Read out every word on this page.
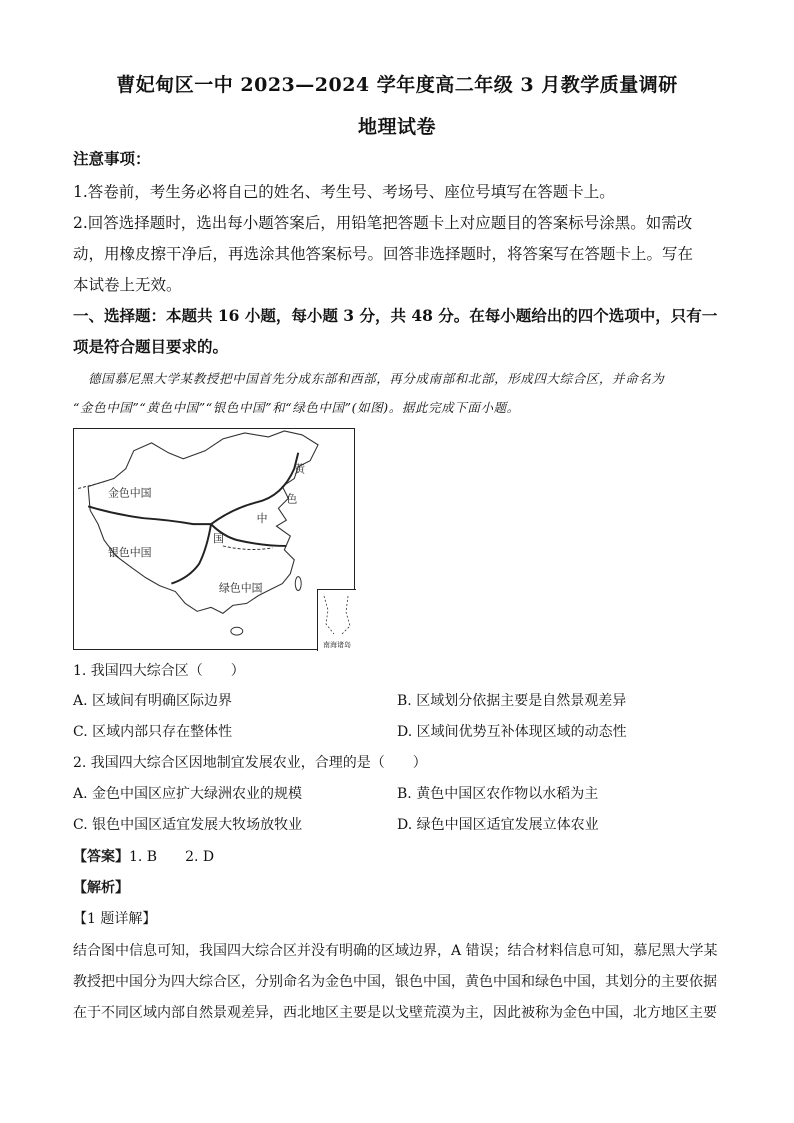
曹妃甸区一中 2023—2024 学年度高二年级 3 月教学质量调研
地理试卷
注意事项：
1.答卷前，考生务必将自己的姓名、考生号、考场号、座位号填写在答题卡上。
2.回答选择题时，选出每小题答案后，用铅笔把答题卡上对应题目的答案标号涂黑。如需改
动，用橡皮擦干净后，再选涂其他答案标号。回答非选择题时，将答案写在答题卡上。写在
本试卷上无效。
一、选择题：本题共 16 小题，每小题 3 分，共 48 分。在每小题给出的四个选项中，只有一
项是符合题目要求的。
德国慕尼黑大学某教授把中国首先分成东部和西部，再分成南部和北部，形成四大综合区，并命名为
“金色中国”“黄色中国”“银色中国”和“绿色中国”(如图)。据此完成下面小题。
金色中国
银色中国
绿色中国
黄
色
中
国
南海诸岛
1. 我国四大综合区（　　）
A. 区域间有明确区际边界	B. 区域划分依据主要是自然景观差异
C. 区域内部只存在整体性	D. 区域间优势互补体现区域的动态性
2. 我国四大综合区因地制宜发展农业，合理的是（　　）
A. 金色中国区应扩大绿洲农业的规模	B. 黄色中国区农作物以水稻为主
C. 银色中国区适宜发展大牧场放牧业	D. 绿色中国区适宜发展立体农业
【答案】1. B　　2. D
【解析】
【1 题详解】
结合图中信息可知，我国四大综合区并没有明确的区域边界，A 错误；结合材料信息可知，慕尼黑大学某
教授把中国分为四大综合区，分别命名为金色中国，银色中国，黄色中国和绿色中国，其划分的主要依据
在于不同区域内部自然景观差异，西北地区主要是以戈壁荒漠为主，因此被称为金色中国，北方地区主要
